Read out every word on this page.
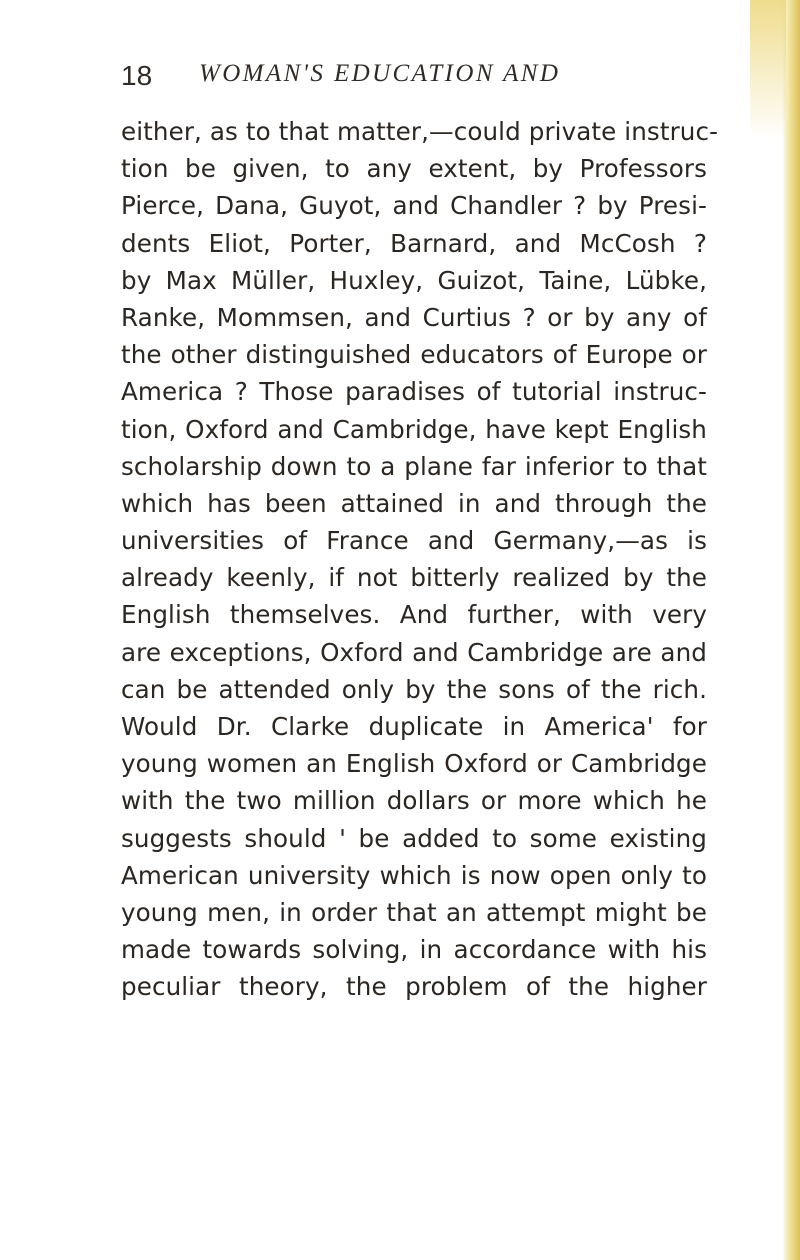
18 WOMAN'S EDUCATION AND
either, as to that matter,—could private instruc-
tion be given, to any extent, by Professors
Pierce, Dana, Guyot, and Chandler ? by Presi-
dents Eliot, Porter, Barnard, and McCosh ?
by Max Müller, Huxley, Guizot, Taine, Lübke,
Ranke, Mommsen, and Curtius ? or by any of
the other distinguished educators of Europe or
America ? Those paradises of tutorial instruc-
tion, Oxford and Cambridge, have kept English
scholarship down to a plane far inferior to that
which has been attained in and through the
universities of France and Germany,—as is
already keenly, if not bitterly realized by the
English themselves. And further, with very
are exceptions, Oxford and Cambridge are and
can be attended only by the sons of the rich.
Would Dr. Clarke duplicate in America' for
young women an English Oxford or Cambridge
with the two million dollars or more which he
suggests should ' be added to some existing
American university which is now open only to
young men, in order that an attempt might be
made towards solving, in accordance with his
peculiar theory, the problem of the higher
